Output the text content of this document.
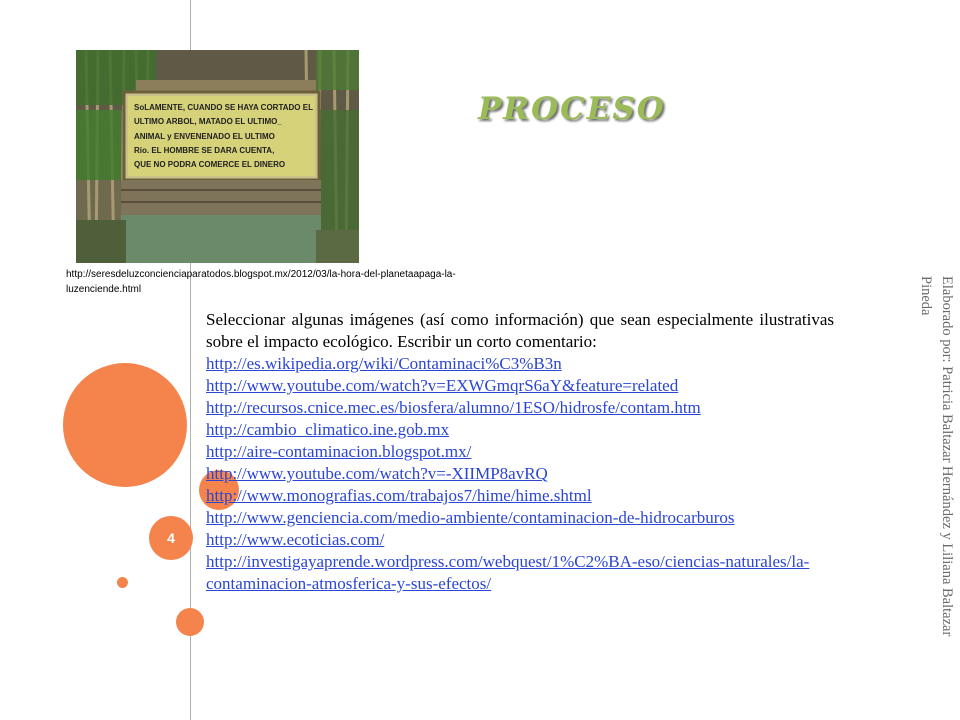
SoLAMENTE, CUANDO SE HAYA CORTADO EL
ULTIMO ARBOL, MATADO EL ULTIMO_
ANIMAL y ENVENENADO EL ULTIMO
Rio. EL HOMBRE SE DARA CUENTA,
QUE NO PODRA COMERCE EL DINERO
http://seresdeluzconcienciaparatodos.blogspot.mx/2012/03/la-hora-del-planetaapaga-la-luzenciende.html
PROCESO
Seleccionar algunas imágenes (así como información) que sean especialmente ilustrativas sobre el impacto ecológico. Escribir un corto comentario:
http://es.wikipedia.org/wiki/Contaminaci%C3%B3n
http://www.youtube.com/watch?v=EXWGmqrS6aY&feature=related
http://recursos.cnice.mec.es/biosfera/alumno/1ESO/hidrosfe/contam.htm
http://cambio_climatico.ine.gob.mx
http://aire-contaminacion.blogspot.mx/
http://www.youtube.com/watch?v=-XIIMP8avRQ
http://www.monografias.com/trabajos7/hime/hime.shtml
http://www.genciencia.com/medio-ambiente/contaminacion-de-hidrocarburos
http://www.ecoticias.com/
http://investigayaprende.wordpress.com/webquest/1%C2%BA-eso/ciencias-naturales/la-contaminacion-atmosferica-y-sus-efectos/
4	Elaborado por: Patricia Baltazar Hernández y Liliana Baltazar Pineda
